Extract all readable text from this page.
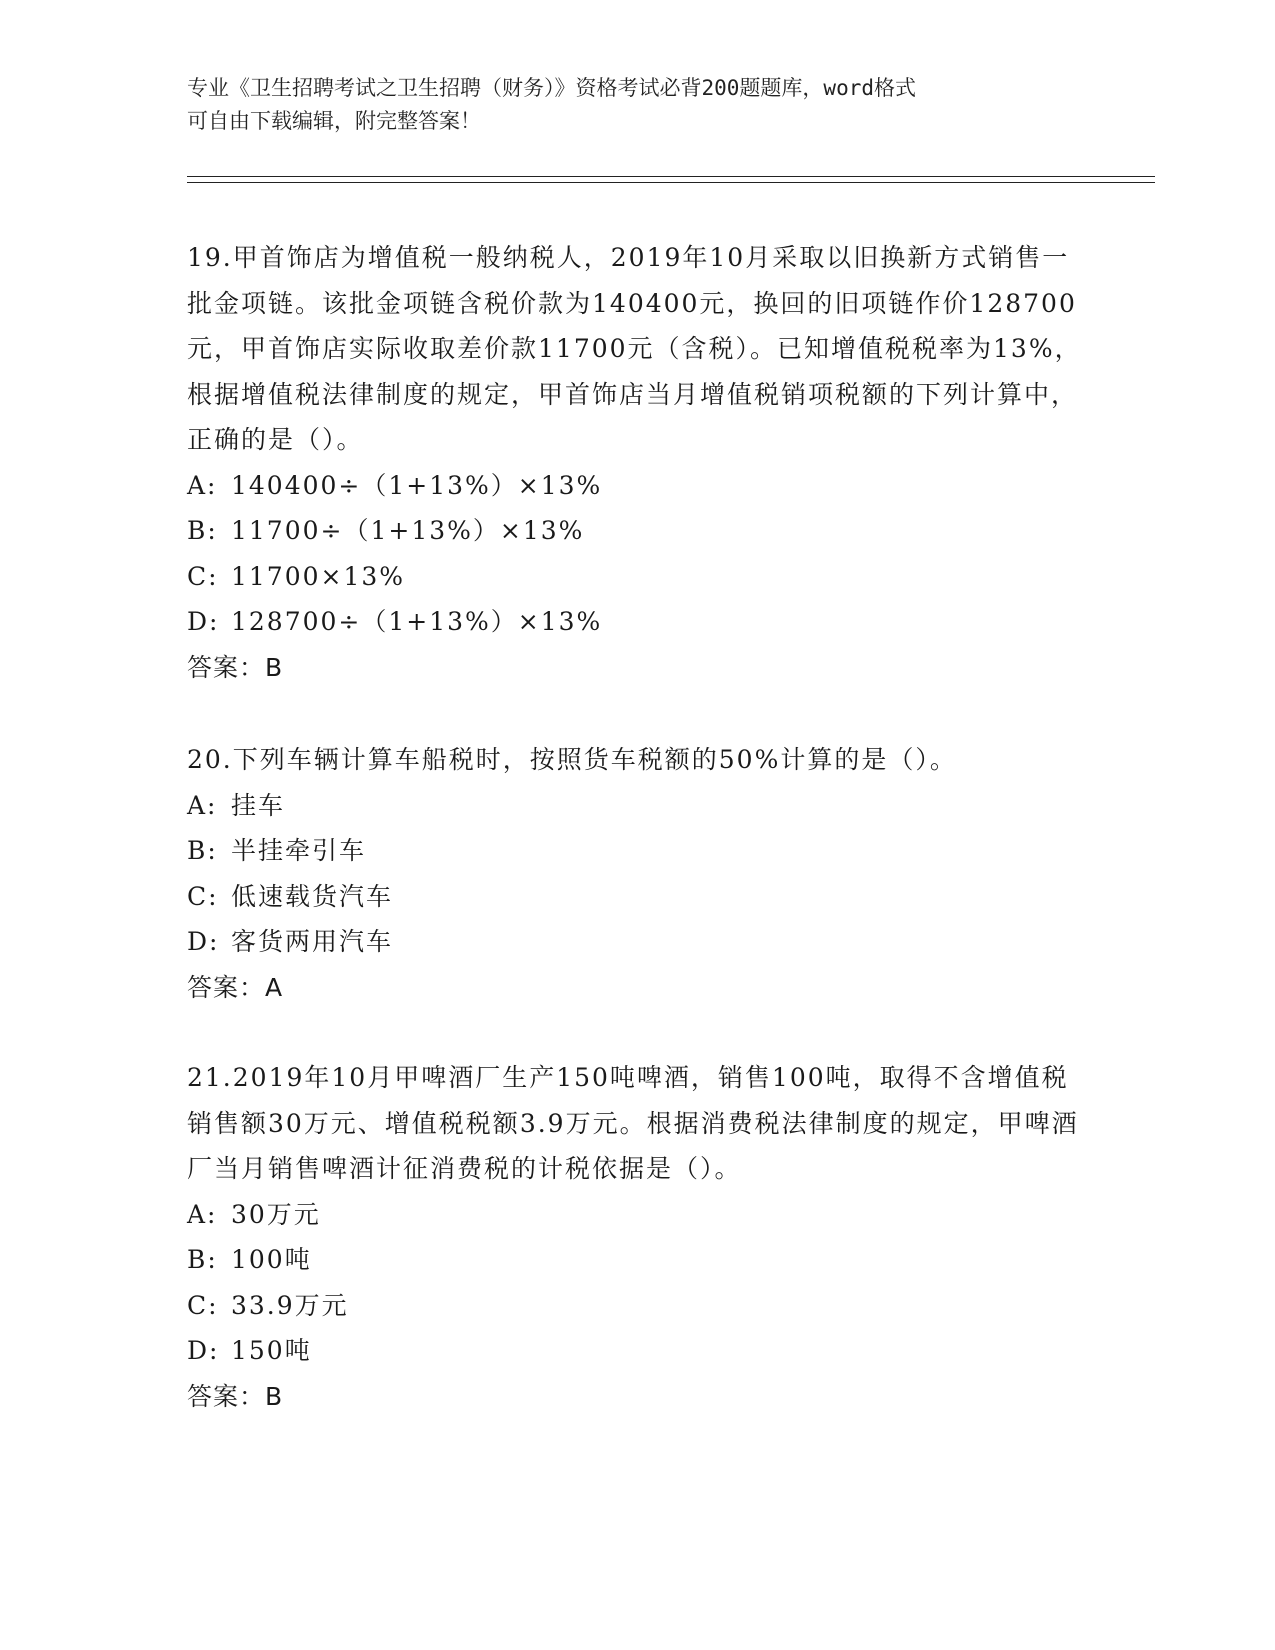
专业《卫生招聘考试之卫生招聘（财务）》资格考试必背200题题库，word格式
可自由下载编辑，附完整答案！

19.甲首饰店为增值税一般纳税人，2019年10月采取以旧换新方式销售一批金项链。该批金项链含税价款为140400元，换回的旧项链作价128700元，甲首饰店实际收取差价款11700元（含税）。已知增值税税率为13%，根据增值税法律制度的规定，甲首饰店当月增值税销项税额的下列计算中，正确的是（）。

A: 140400÷（1+13%）×13%
B: 11700÷（1+13%）×13%
C: 11700×13%
D: 128700÷（1+13%）×13%
答案：B

20.下列车辆计算车船税时，按照货车税额的50%计算的是（）。

A: 挂车
B: 半挂牵引车
C: 低速载货汽车
D: 客货两用汽车
答案：A

21.2019年10月甲啤酒厂生产150吨啤酒，销售100吨，取得不含增值税销售额30万元、增值税税额3.9万元。根据消费税法律制度的规定，甲啤酒厂当月销售啤酒计征消费税的计税依据是（）。

A: 30万元
B: 100吨
C: 33.9万元
D: 150吨
答案：B
